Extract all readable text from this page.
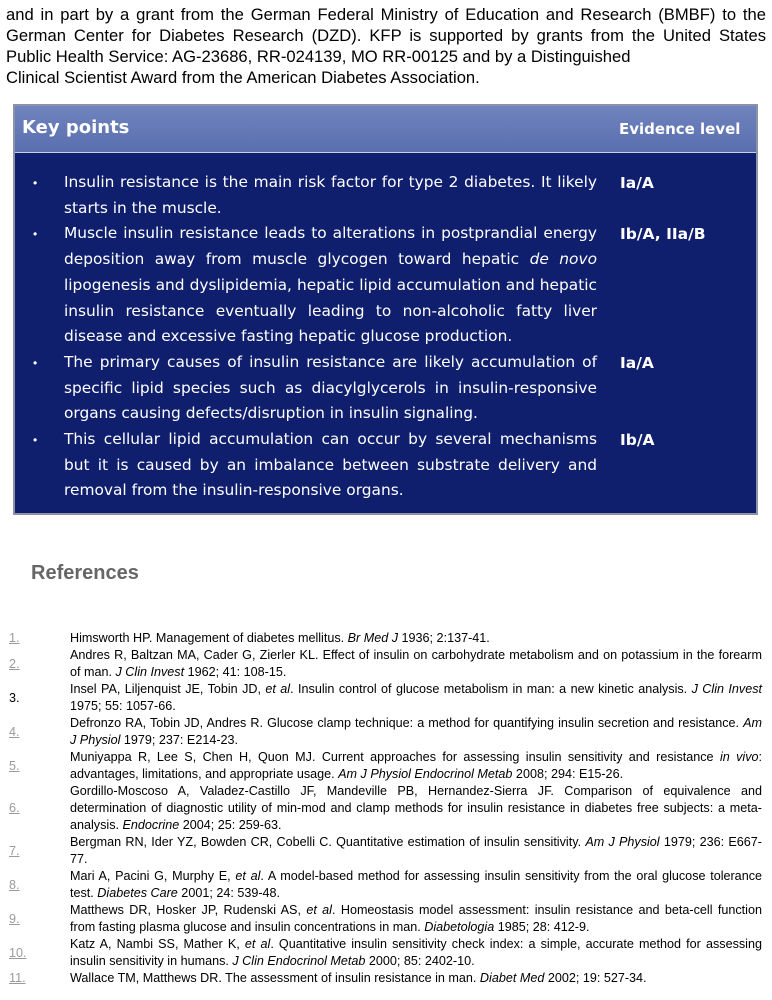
and in part by a grant from the German Federal Ministry of Education and Research (BMBF) to the German Center for Diabetes Research (DZD). KFP is supported by grants from the United States Public Health Service: AG-23686, RR-024139, MO RR-00125 and by a Distinguished
Clinical Scientist Award from the American Diabetes Association.
Key points	Evidence level
• Insulin resistance is the main risk factor for type 2 diabetes. It likely starts in the muscle.
Ia/A
• Muscle insulin resistance leads to alterations in postprandial energy deposition away from muscle glycogen toward hepatic de novo lipogenesis and dyslipidemia, hepatic lipid accumulation and hepatic insulin resistance eventually leading to non-alcoholic fatty liver disease and excessive fasting hepatic glucose production.
Ib/A, IIa/B
• The primary causes of insulin resistance are likely accumulation of specific lipid species such as diacylglycerols in insulin-responsive organs causing defects/disruption in insulin signaling.
Ia/A
• This cellular lipid accumulation can occur by several mechanisms but it is caused by an imbalance between substrate delivery and removal from the insulin-responsive organs.
Ib/A
References
1.	Himsworth HP. Management of diabetes mellitus. Br Med J 1936; 2:137-41.
2.
Andres R, Baltzan MA, Cader G, Zierler KL. Effect of insulin on carbohydrate metabolism and on potassium in the forearm of man. J Clin Invest 1962; 41: 108-15.
3.
Insel PA, Liljenquist JE, Tobin JD, et al. Insulin control of glucose metabolism in man: a new kinetic analysis. J Clin Invest 1975; 55: 1057-66.
4.
Defronzo RA, Tobin JD, Andres R. Glucose clamp technique: a method for quantifying insulin secretion and resistance. Am J Physiol 1979; 237: E214-23.
5.
Muniyappa R, Lee S, Chen H, Quon MJ. Current approaches for assessing insulin sensitivity and resistance in vivo: advantages, limitations, and appropriate usage. Am J Physiol Endocrinol Metab 2008; 294: E15-26.
6.
Gordillo-Moscoso A, Valadez-Castillo JF, Mandeville PB, Hernandez-Sierra JF. Comparison of equivalence and determination of diagnostic utility of min-mod and clamp methods for insulin resistance in diabetes free subjects: a meta-analysis. Endocrine 2004; 25: 259-63.
7.
Bergman RN, Ider YZ, Bowden CR, Cobelli C. Quantitative estimation of insulin sensitivity. Am J Physiol 1979; 236: E667-77.
8.
Mari A, Pacini G, Murphy E, et al. A model-based method for assessing insulin sensitivity from the oral glucose tolerance test. Diabetes Care 2001; 24: 539-48.
9.
Matthews DR, Hosker JP, Rudenski AS, et al. Homeostasis model assessment: insulin resistance and beta-cell function from fasting plasma glucose and insulin concentrations in man. Diabetologia 1985; 28: 412-9.
10.
Katz A, Nambi SS, Mather K, et al. Quantitative insulin sensitivity check index: a simple, accurate method for assessing insulin sensitivity in humans. J Clin Endocrinol Metab 2000; 85: 2402-10.
11.	Wallace TM, Matthews DR. The assessment of insulin resistance in man. Diabet Med 2002; 19: 527-34.
